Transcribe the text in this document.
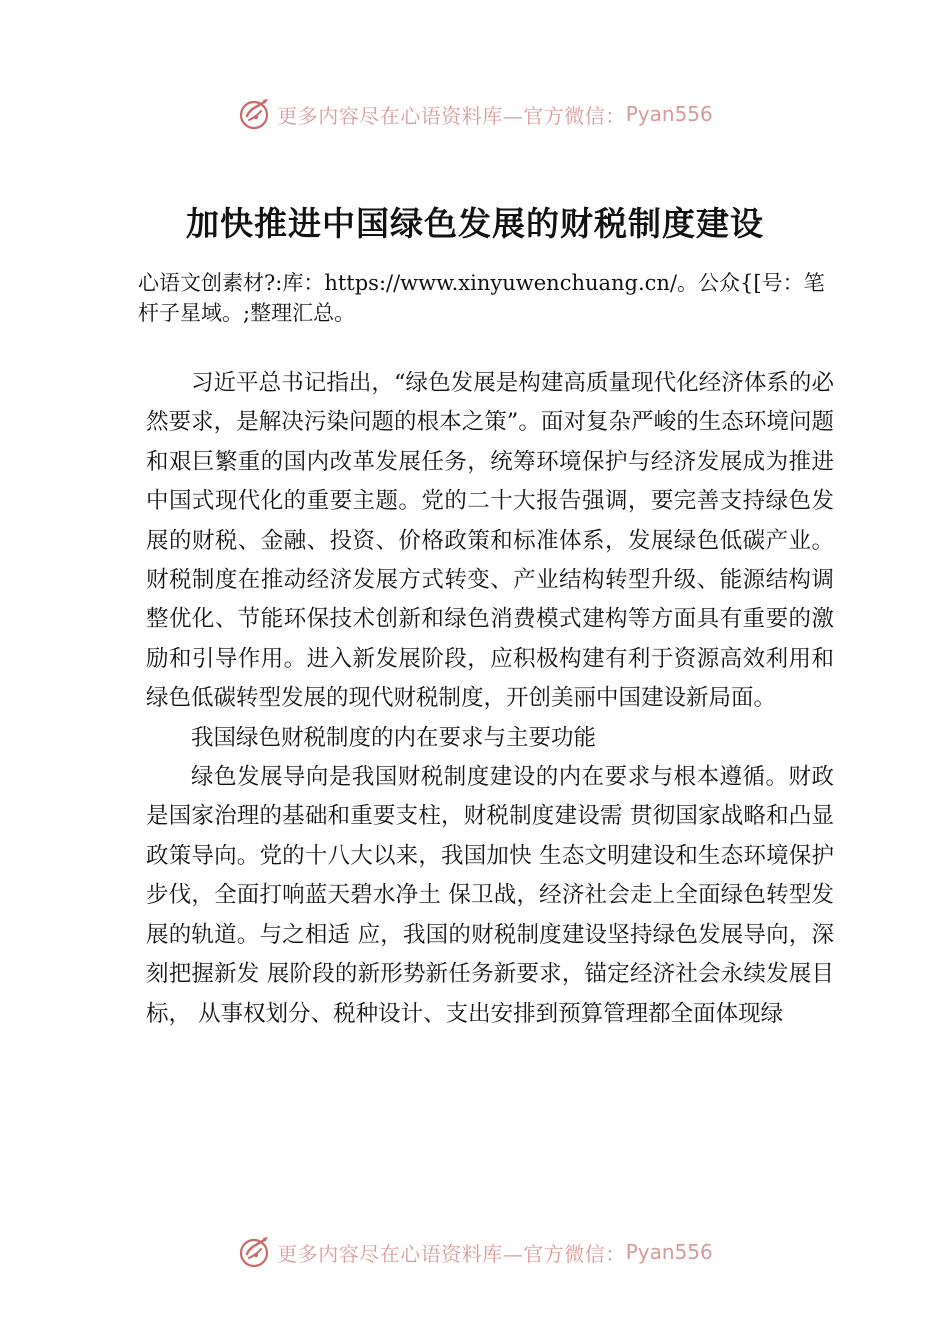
更多内容尽在心语资料库—官方微信： Pyan556
加快推进中国绿色发展的财税制度建设
心语文创素材?:库：https://www.xinyuwenchuang.cn/。公众{[号：笔杆子星域。;整理汇总。

习近平总书记指出，“绿色发展是构建高质量现代化经济体系的必然要求，是解决污染问题的根本之策”。面对复杂严峻的生态环境问题和艰巨繁重的国内改革发展任务，统筹环境保护与经济发展成为推进中国式现代化的重要主题。党的二十大报告强调，要完善支持绿色发展的财税、金融、投资、价格政策和标准体系，发展绿色低碳产业。财税制度在推动经济发展方式转变、产业结构转型升级、能源结构调整优化、节能环保技术创新和绿色消费模式建构等方面具有重要的激励和引导作用。进入新发展阶段，应积极构建有利于资源高效利用和绿色低碳转型发展的现代财税制度，开创美丽中国建设新局面。

我国绿色财税制度的内在要求与主要功能

绿色发展导向是我国财税制度建设的内在要求与根本遵循。财政是国家治理的基础和重要支柱，财税制度建设需 贯彻国家战略和凸显政策导向。党的十八大以来，我国加快 生态文明建设和生态环境保护步伐，全面打响蓝天碧水净土 保卫战，经济社会走上全面绿色转型发展的轨道。与之相适 应，我国的财税制度建设坚持绿色发展导向，深刻把握新发 展阶段的新形势新任务新要求，锚定经济社会永续发展目标， 从事权划分、税种设计、支出安排到预算管理都全面体现绿

更多内容尽在心语资料库—官方微信： Pyan556
